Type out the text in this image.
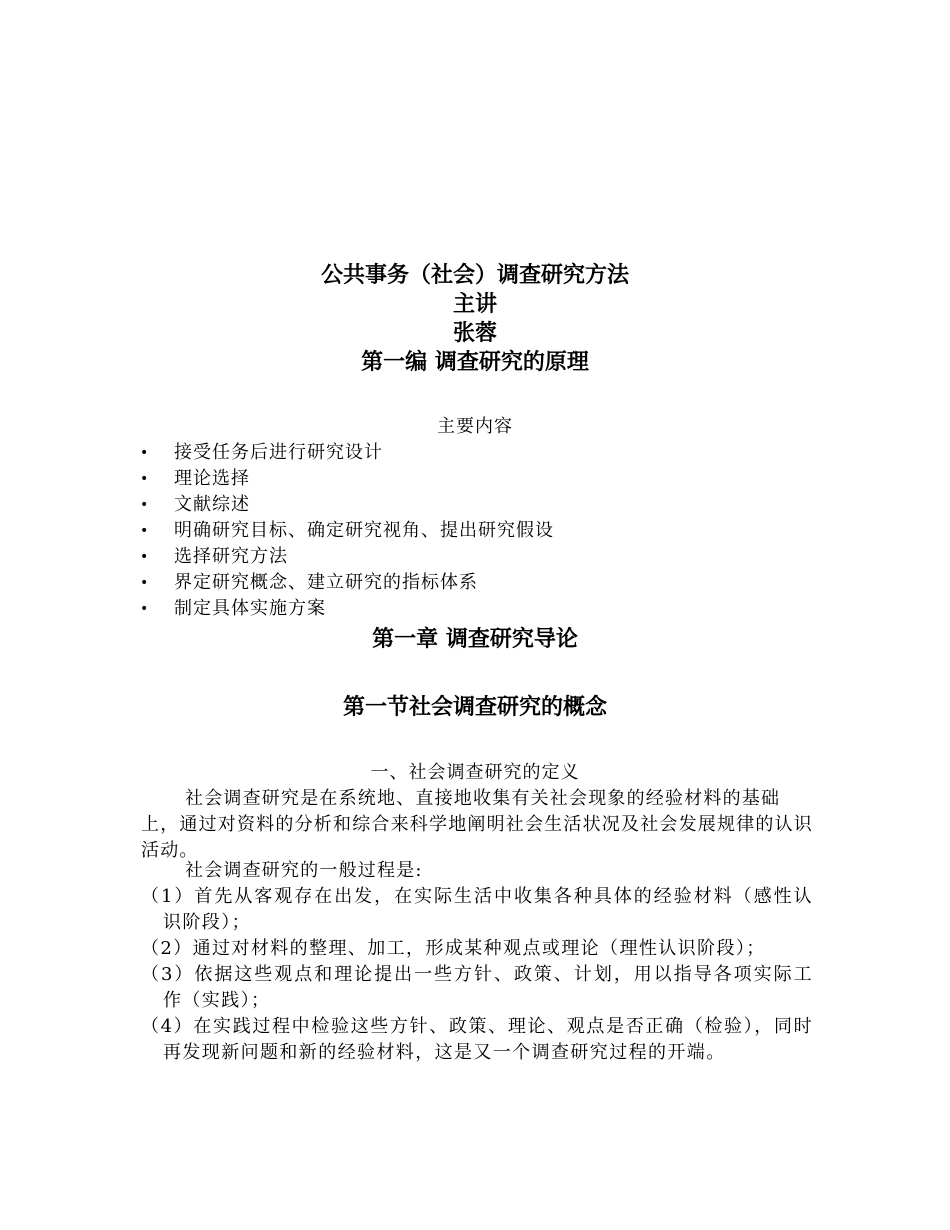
公共事务（社会）调查研究方法
主讲
张蓉
第一编 调查研究的原理
主要内容
• 接受任务后进行研究设计
• 理论选择
• 文献综述
• 明确研究目标、确定研究视角、提出研究假设
• 选择研究方法
• 界定研究概念、建立研究的指标体系
• 制定具体实施方案
第一章 调查研究导论
第一节社会调查研究的概念
一、社会调查研究的定义

社会调查研究是在系统地、直接地收集有关社会现象的经验材料的基础上，通过对资料的分析和综合来科学地阐明社会生活状况及社会发展规律的认识活动。

社会调查研究的一般过程是:

（1）首先从客观存在出发，在实际生活中收集各种具体的经验材料（感性认识阶段）；
（2）通过对材料的整理、加工，形成某种观点或理论（理性认识阶段）；
（3）依据这些观点和理论提出一些方针、政策、计划，用以指导各项实际工作（实践）；
（4）在实践过程中检验这些方针、政策、理论、观点是否正确（检验），同时再发现新问题和新的经验材料，这是又一个调查研究过程的开端。
